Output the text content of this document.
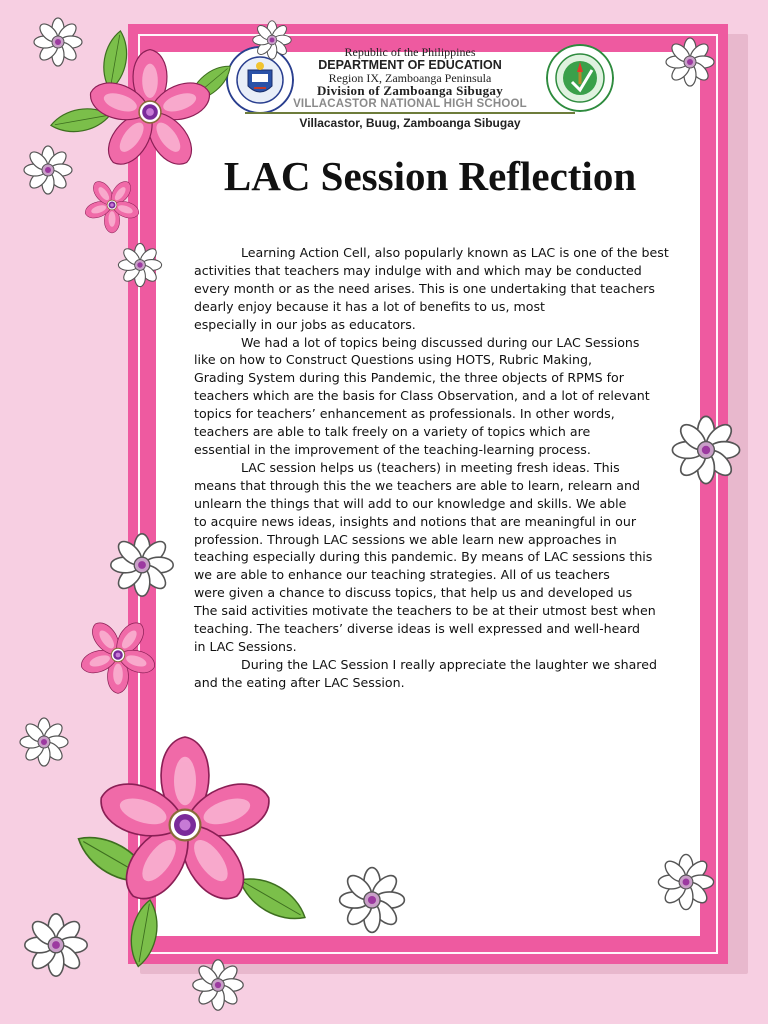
Republic of the Philippines
DEPARTMENT OF EDUCATION
Region IX, Zamboanga Peninsula
Division of Zamboanga Sibugay
VILLACASTOR NATIONAL HIGH SCHOOL
Villacastor, Buug, Zamboanga Sibugay
LAC Session Reflection
Learning Action Cell, also popularly known as LAC is one of the best
activities that teachers may indulge with and which may be conducted
every month or as the need arises. This is one undertaking that teachers
dearly enjoy because it has a lot of benefits to us, most
especially in our jobs as educators.
We had a lot of topics being discussed during our LAC Sessions
like on how to Construct Questions using HOTS, Rubric Making,
Grading System during this Pandemic, the three objects of RPMS for
teachers which are the basis for Class Observation, and a lot of relevant
topics for teachers’ enhancement as professionals. In other words,
teachers are able to talk freely on a variety of topics which are
essential in the improvement of the teaching-learning process.
LAC session helps us (teachers) in meeting fresh ideas. This
means that through this the we teachers are able to learn, relearn and
unlearn the things that will add to our knowledge and skills. We able
to acquire news ideas, insights and notions that are meaningful in our
profession. Through LAC sessions we able learn new approaches in
teaching especially during this pandemic. By means of LAC sessions this
we are able to enhance our teaching strategies. All of us teachers
were given a chance to discuss topics, that help us and developed us
The said activities motivate the teachers to be at their utmost best when
teaching. The teachers’ diverse ideas is well expressed and well-heard
in LAC Sessions.
During the LAC Session I really appreciate the laughter we shared
and the eating after LAC Session.
